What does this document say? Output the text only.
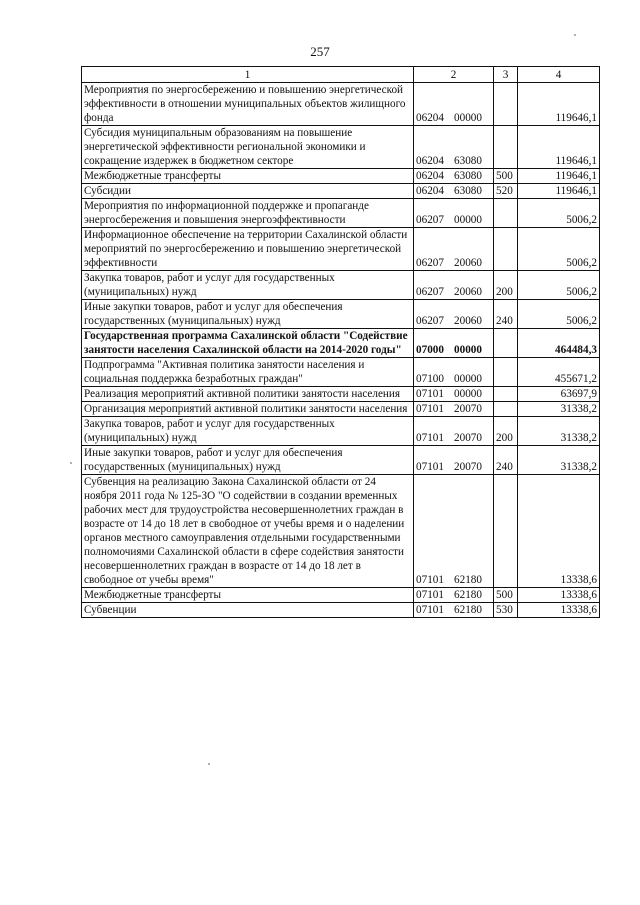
257
1	2	3	4
Мероприятия по энергосбережению и повышению энергетической эффективности в отношении муниципальных объектов жилищного фонда	06204 00000		119646,1
Субсидия муниципальным образованиям на повышение энергетической эффективности региональной экономики и сокращение издержек в бюджетном секторе	06204 63080		119646,1
Межбюджетные трансферты	06204 63080	500	119646,1
Субсидии	06204 63080	520	119646,1
Мероприятия по информационной поддержке и пропаганде энергосбережения и повышения энергоэффективности	06207 00000		5006,2
Информационное обеспечение на территории Сахалинской области мероприятий по энергосбережению и повышению энергетической эффективности	06207 20060		5006,2
Закупка товаров, работ и услуг для государственных (муниципальных) нужд	06207 20060	200	5006,2
Иные закупки товаров, работ и услуг для обеспечения государственных (муниципальных) нужд	06207 20060	240	5006,2
Государственная программа Сахалинской области "Содействие занятости населения Сахалинской области на 2014-2020 годы"	07000 00000		464484,3
Подпрограмма "Активная политика занятости населения и социальная поддержка безработных граждан"	07100 00000		455671,2
Реализация мероприятий активной политики занятости населения	07101 00000		63697,9
Организация мероприятий активной политики занятости населения	07101 20070		31338,2
Закупка товаров, работ и услуг для государственных (муниципальных) нужд	07101 20070	200	31338,2
Иные закупки товаров, работ и услуг для обеспечения государственных (муниципальных) нужд	07101 20070	240	31338,2
Субвенция на реализацию Закона Сахалинской области от 24 ноября 2011 года № 125-ЗО "О содействии в создании временных рабочих мест для трудоустройства несовершеннолетних граждан в возрасте от 14 до 18 лет в свободное от учебы время и о наделении органов местного самоуправления отдельными государственными полномочиями Сахалинской области в сфере содействия занятости несовершеннолетних граждан в возрасте от 14 до 18 лет в свободное от учебы время"	07101 62180		13338,6
Межбюджетные трансферты	07101 62180	500	13338,6
Субвенции	07101 62180	530	13338,6
